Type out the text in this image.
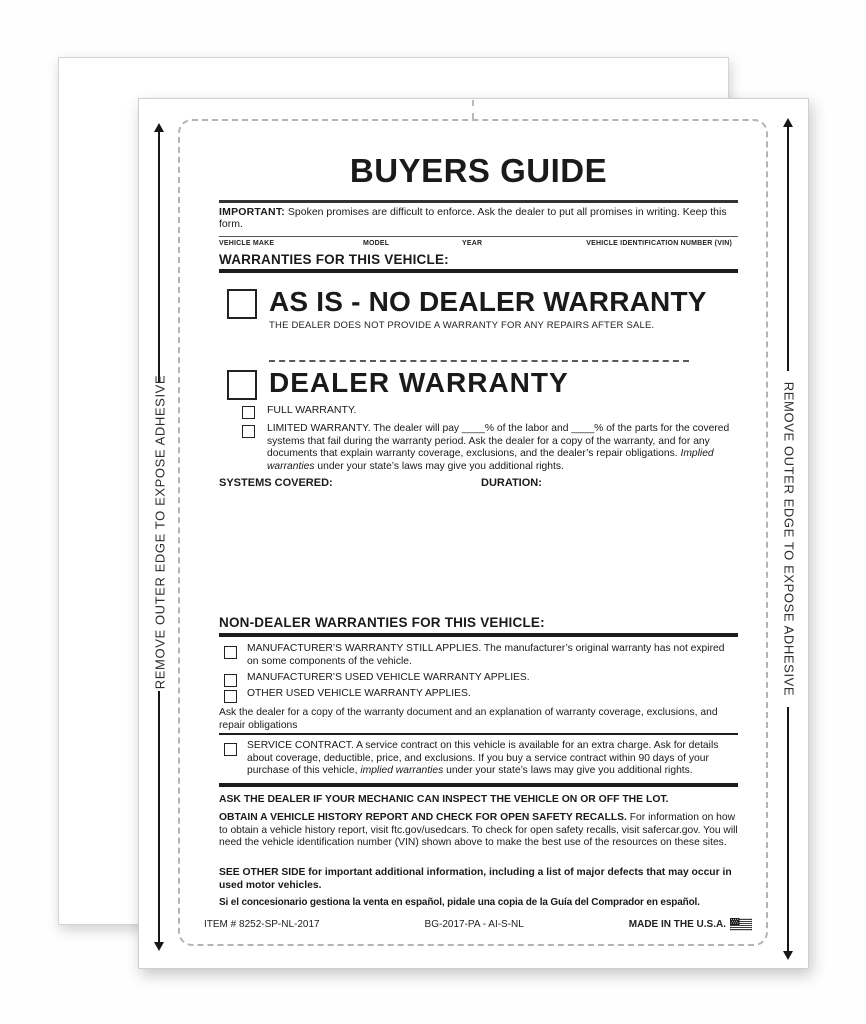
REMOVE OUTER EDGE TO EXPOSE ADHESIVE	REMOVE OUTER EDGE TO EXPOSE ADHESIVE
BUYERS GUIDE
IMPORTANT: Spoken promises are difficult to enforce. Ask the dealer to put all promises in writing. Keep this form.
VEHICLE MAKE	MODEL	YEAR	VEHICLE IDENTIFICATION NUMBER (VIN)
WARRANTIES FOR THIS VEHICLE:
AS IS - NO DEALER WARRANTY
THE DEALER DOES NOT PROVIDE A WARRANTY FOR ANY REPAIRS AFTER SALE.
DEALER WARRANTY
FULL WARRANTY.
LIMITED WARRANTY. The dealer will pay ____% of the labor and ____% of the parts for the covered systems that fail during the warranty period. Ask the dealer for a copy of the warranty, and for any documents that explain warranty coverage, exclusions, and the dealer’s repair obligations. Implied warranties under your state’s laws may give you additional rights.
SYSTEMS COVERED:	DURATION:
NON-DEALER WARRANTIES FOR THIS VEHICLE:
MANUFACTURER’S WARRANTY STILL APPLIES. The manufacturer’s original warranty has not expired on some components of the vehicle.
MANUFACTURER’S USED VEHICLE WARRANTY APPLIES.
OTHER USED VEHICLE WARRANTY APPLIES.
Ask the dealer for a copy of the warranty document and an explanation of warranty coverage, exclusions, and repair obligations
SERVICE CONTRACT. A service contract on this vehicle is available for an extra charge. Ask for details about coverage, deductible, price, and exclusions. If you buy a service contract within 90 days of your purchase of this vehicle, implied warranties under your state’s laws may give you additional rights.
ASK THE DEALER IF YOUR MECHANIC CAN INSPECT THE VEHICLE ON OR OFF THE LOT.
OBTAIN A VEHICLE HISTORY REPORT AND CHECK FOR OPEN SAFETY RECALLS. For information on how to obtain a vehicle history report, visit ftc.gov/usedcars. To check for open safety recalls, visit safercar.gov. You will need the vehicle identification number (VIN) shown above to make the best use of the resources on these sites.
SEE OTHER SIDE for important additional information, including a list of major defects that may occur in used motor vehicles.
Si el concesionario gestiona la venta en español, pidale una copia de la Guía del Comprador en español.
ITEM # 8252-SP-NL-2017	BG-2017-PA - AI-S-NL	MADE IN THE U.S.A.
